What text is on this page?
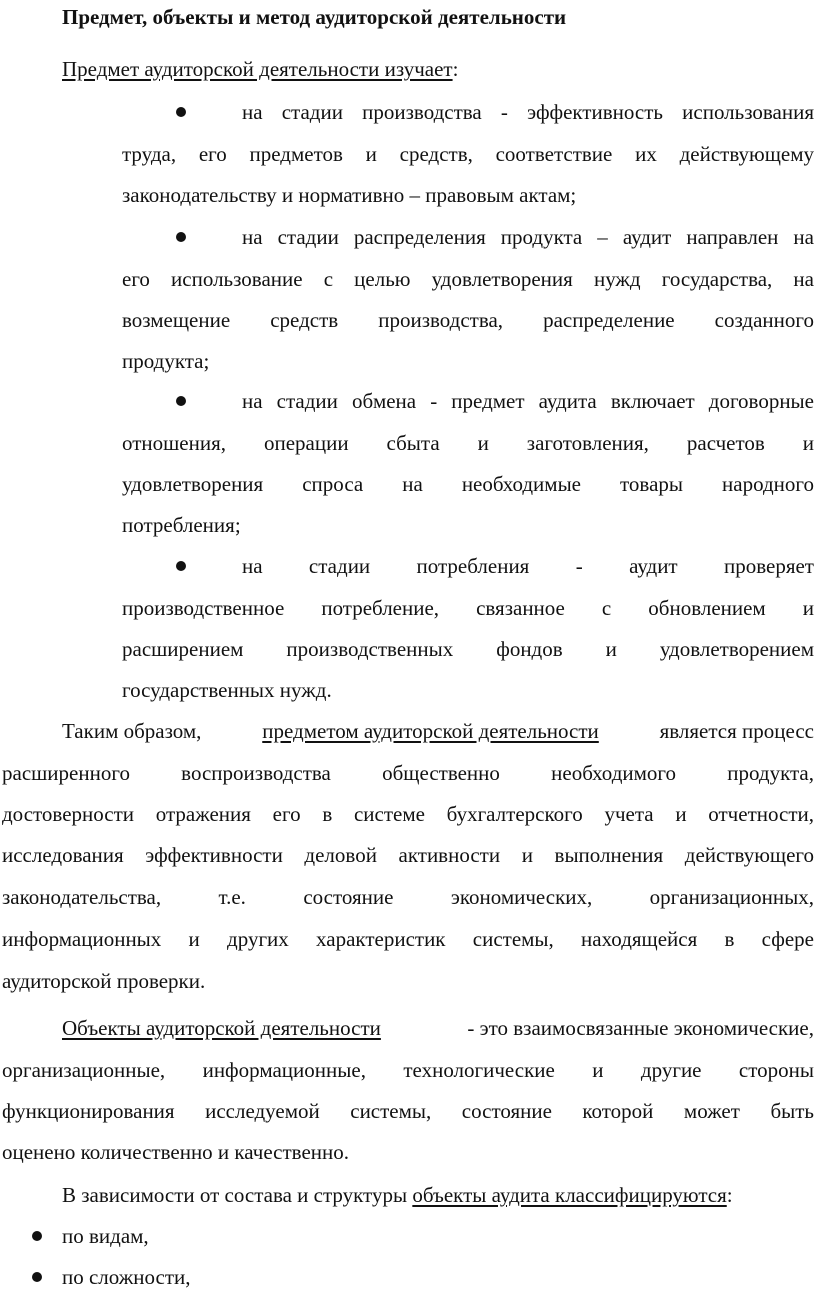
Предмет, объекты и метод аудиторской деятельности
Предмет аудиторской деятельности изучает:
на стадии производства - эффективность использования
труда, его предметов и средств, соответствие их действующему
законодательству и нормативно – правовым актам;
на стадии распределения продукта – аудит направлен на
его использование с целью удовлетворения нужд государства, на
возмещение средств производства, распределение созданного
продукта;
на стадии обмена - предмет аудита включает договорные
отношения, операции сбыта и заготовления, расчетов и
удовлетворения спроса на необходимые товары народного
потребления;
на стадии потребления - аудит проверяет
производственное потребление, связанное с обновлением и
расширением производственных фондов и удовлетворением
государственных нужд.
Таким образом,	предметом аудиторской деятельности	является процесс
расширенного воспроизводства общественно необходимого продукта,
достоверности отражения его в системе бухгалтерского учета и отчетности,
исследования эффективности деловой активности и выполнения действующего
законодательства, т.е. состояние экономических, организационных,
информационных и других характеристик системы, находящейся в сфере
аудиторской проверки.
Объекты аудиторской деятельности	- это взаимосвязанные экономические,
организационные, информационные, технологические и другие стороны
функционирования исследуемой системы, состояние которой может быть
оценено количественно и качественно.
В зависимости от состава и структуры объекты аудита классифицируются:
по видам,
по сложности,
